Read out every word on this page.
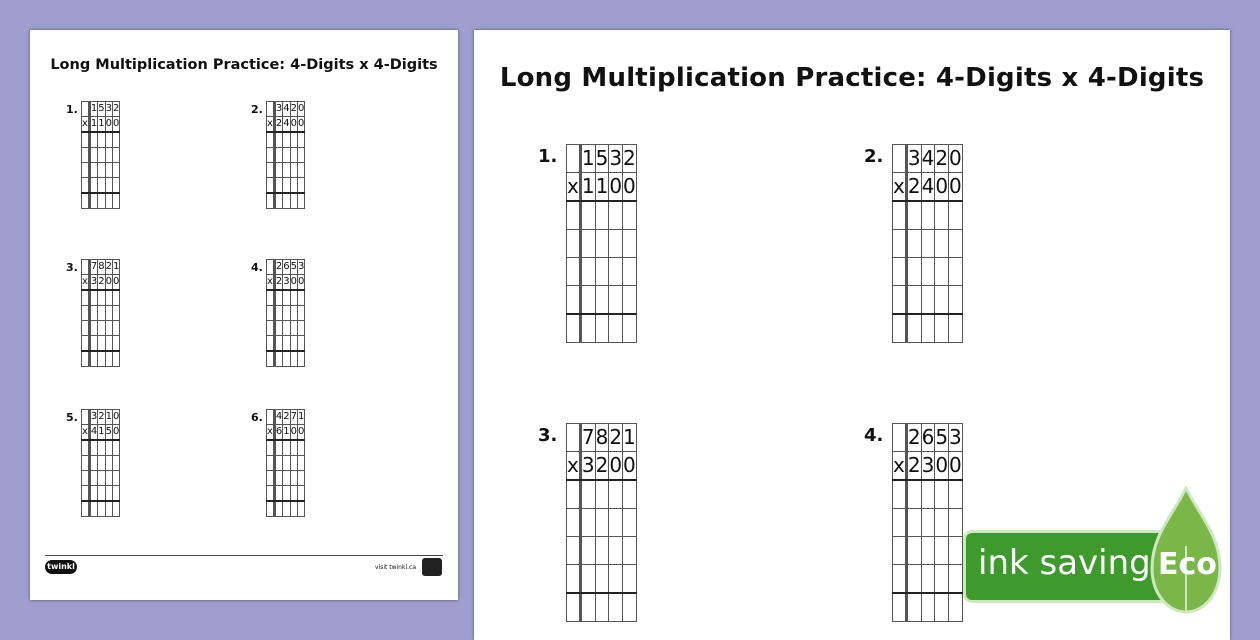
Long Multiplication Practice: 4-Digits x 4-Digits
twinkl	visit twinkl.ca
1.
			1	5	3	2
x			1	1	0	0

2.
			3	4	2	0
x			2	4	0	0

3.
			7	8	2	1
x			3	2	0	0

4.
			2	6	5	3
x			2	3	0	0

5.
			3	2	1	0
x			4	1	5	0

6.
			4	2	7	1
x			6	1	0	0

Long Multiplication Practice: 4-Digits x 4-Digits
1.
			1	5	3	2
x			1	1	0	0

2.
			3	4	2	0
x			2	4	0	0

3.
			7	8	2	1
x			3	2	0	0

4.
			2	6	5	3
x			2	3	0	0

ink saving Eco
